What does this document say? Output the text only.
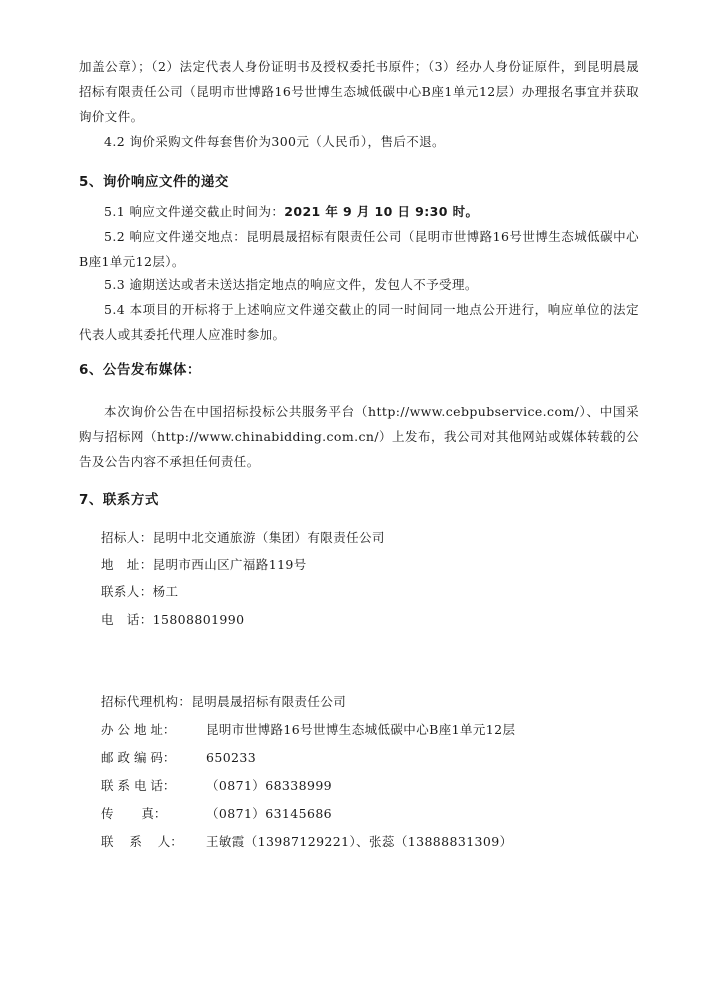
加盖公章）；（2）法定代表人身份证明书及授权委托书原件；（3）经办人身份证原件，到昆明晨晟招标有限责任公司（昆明市世博路16号世博生态城低碳中心B座1单元12层）办理报名事宜并获取询价文件。

4.2 询价采购文件每套售价为300元（人民币），售后不退。

5、询价响应文件的递交

5.1 响应文件递交截止时间为：2021 年 9 月 10 日 9:30 时。

5.2 响应文件递交地点：昆明晨晟招标有限责任公司（昆明市世博路16号世博生态城低碳中心B座1单元12层）。

5.3 逾期送达或者未送达指定地点的响应文件，发包人不予受理。

5.4 本项目的开标将于上述响应文件递交截止的同一时间同一地点公开进行，响应单位的法定代表人或其委托代理人应准时参加。

6、公告发布媒体：

本次询价公告在中国招标投标公共服务平台（http://www.cebpubservice.com/）、中国采购与招标网（http://www.chinabidding.com.cn/）上发布，我公司对其他网站或媒体转载的公告及公告内容不承担任何责任。

7、联系方式

招标人：昆明中北交通旅游（集团）有限责任公司

地　址：昆明市西山区广福路119号

联系人：杨工

电　话：15808801990

招标代理机构：昆明晨晟招标有限责任公司

办 公 地 址： 昆明市世博路16号世博生态城低碳中心B座1单元12层

邮 政 编 码： 650233

联 系 电 话： （0871）68338999

传       真：	（0871）63145686

联    系    人： 王敏霞（13987129221）、张蕊（13888831309）
